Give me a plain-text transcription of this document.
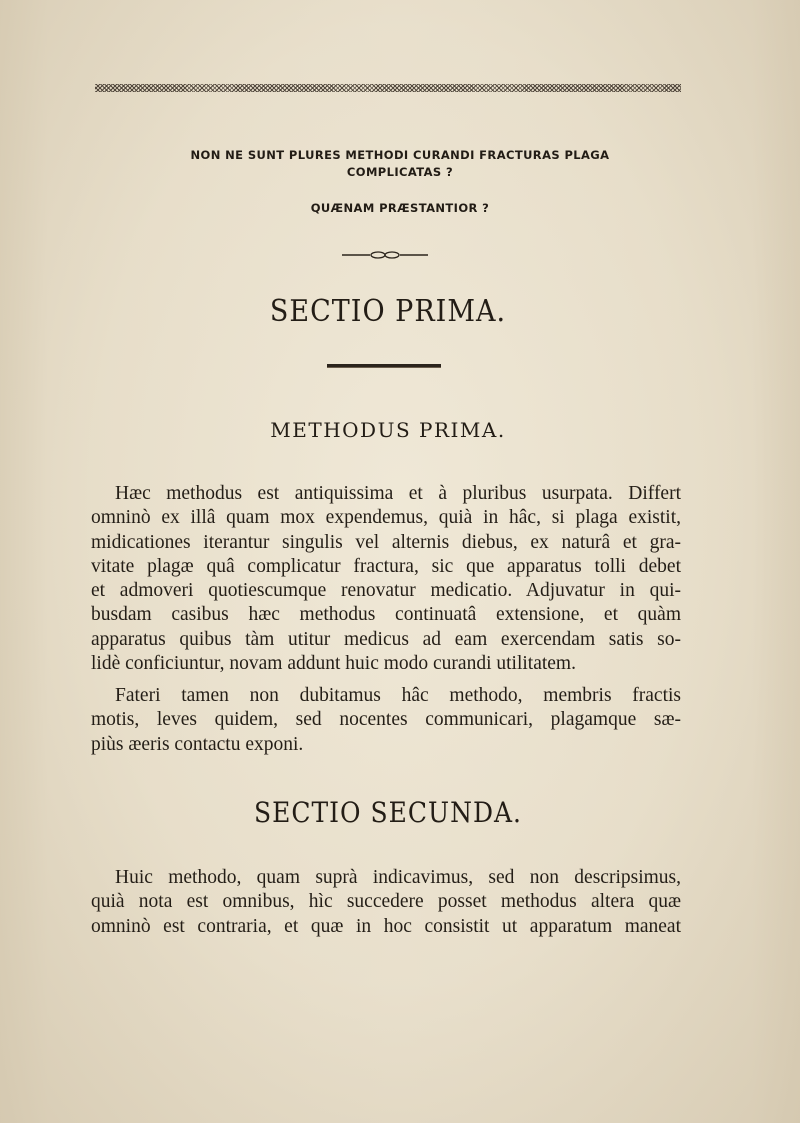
NON NE SUNT PLURES METHODI CURANDI FRACTURAS PLAGA
COMPLICATAS ?
QUÆNAM PRÆSTANTIOR ?
SECTIO PRIMA.
METHODUS PRIMA.
Hæc methodus est antiquissima et à pluribus usurpata. Differt
omninò ex illâ quam mox expendemus, quià in hâc, si plaga existit,
midicationes iterantur singulis vel alternis diebus, ex naturâ et gra-
vitate plagæ quâ complicatur fractura, sic que apparatus tolli debet
et admoveri quotiescumque renovatur medicatio. Adjuvatur in qui-
busdam casibus hæc methodus continuatâ extensione, et quàm
apparatus quibus tàm utitur medicus ad eam exercendam satis so-
lidè conficiuntur, novam addunt huic modo curandi utilitatem.
Fateri tamen non dubitamus hâc methodo, membris fractis
motis, leves quidem, sed nocentes communicari, plagamque sæ-
piùs æeris contactu exponi.
SECTIO SECUNDA.
Huic methodo, quam suprà indicavimus, sed non descripsimus,
quià nota est omnibus, hìc succedere posset methodus altera quæ
omninò est contraria, et quæ in hoc consistit ut apparatum maneat
